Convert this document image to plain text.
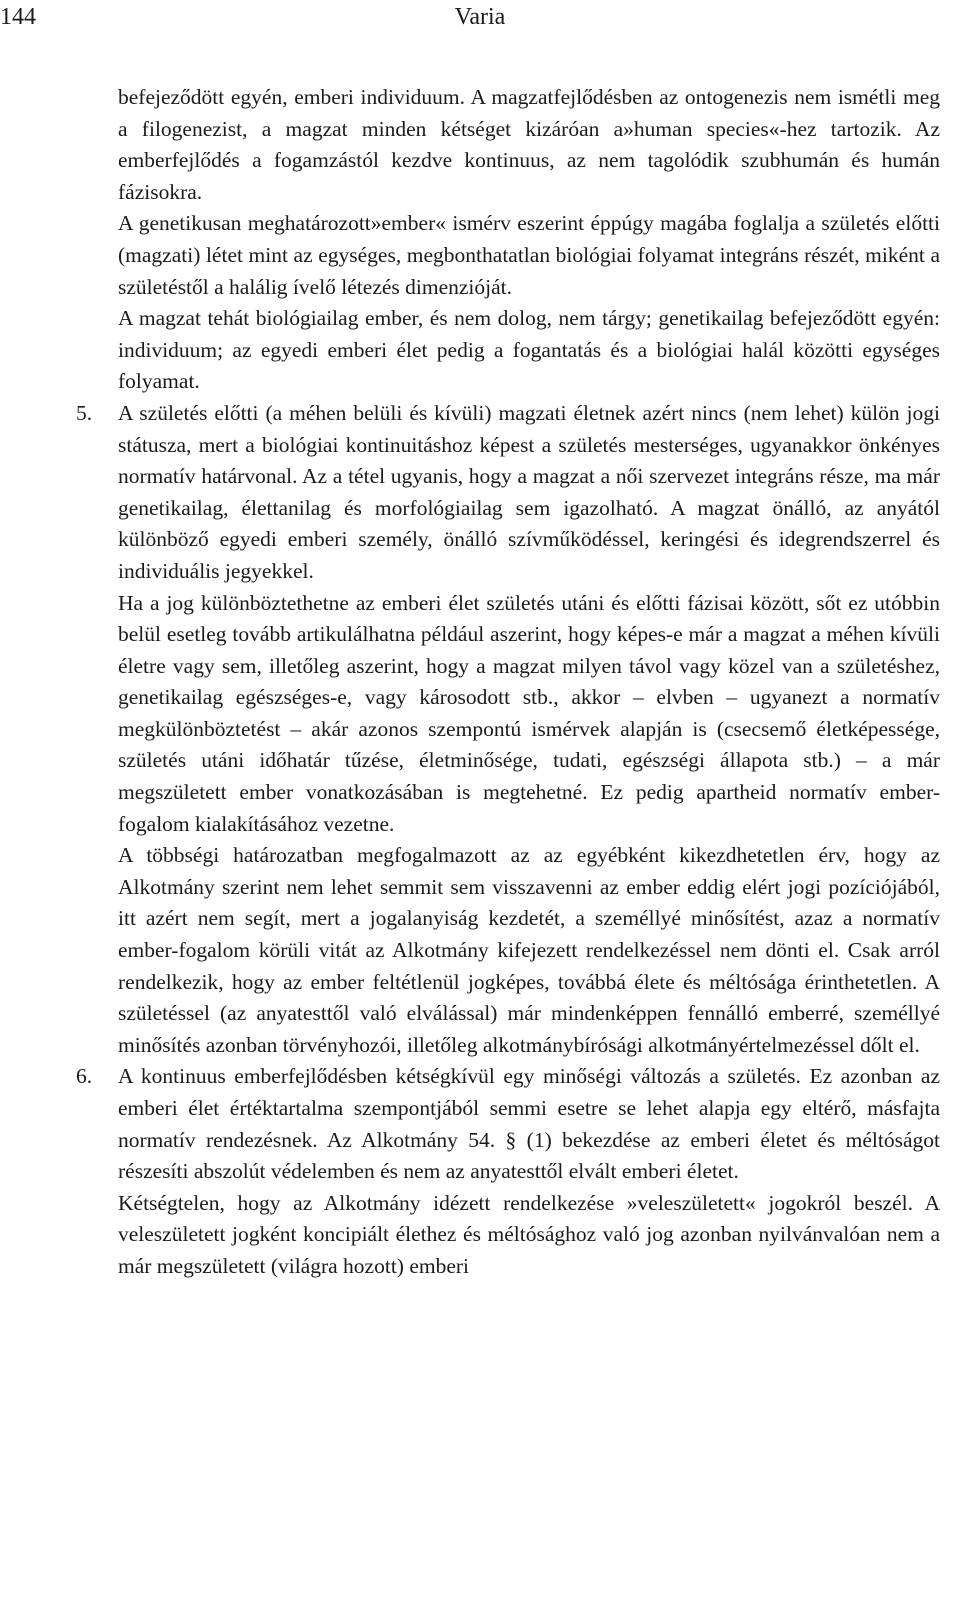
144	Varia

befejeződött egyén, emberi individuum. A magzatfejlődésben az ontogenezis nem ismétli meg a filogenezist, a magzat minden kétséget kizáróan a»human species«-hez tartozik. Az emberfejlődés a fogamzástól kezdve kontinuus, az nem tagolódik szubhumán és humán fázisokra.

A genetikusan meghatározott»ember« ismérv eszerint éppúgy magába foglalja a születés előtti (magzati) létet mint az egységes, megbonthatatlan biológiai folyamat integráns részét, miként a születéstől a halálig ívelő létezés dimenzióját.

A magzat tehát biológiailag ember, és nem dolog, nem tárgy; genetikailag befejeződött egyén: individuum; az egyedi emberi élet pedig a fogantatás és a biológiai halál közötti egységes folyamat.

5. A születés előtti (a méhen belüli és kívüli) magzati életnek azért nincs (nem lehet) külön jogi státusza, mert a biológiai kontinuitáshoz képest a születés mesterséges, ugyanakkor önkényes normatív határvonal. Az a tétel ugyanis, hogy a magzat a női szervezet integráns része, ma már genetikailag, élettanilag és morfológiailag sem igazolható. A magzat önálló, az anyától különböző egyedi emberi személy, önálló szívműködéssel, keringési és idegrendszerrel és individuális jegyekkel.

Ha a jog különböztethetne az emberi élet születés utáni és előtti fázisai között, sőt ez utóbbin belül esetleg tovább artikulálhatna például aszerint, hogy képes-e már a magzat a méhen kívüli életre vagy sem, illetőleg aszerint, hogy a magzat milyen távol vagy közel van a születéshez, genetikailag egészséges-e, vagy károsodott stb., akkor – elvben – ugyanezt a normatív megkülönböztetést – akár azonos szempontú ismérvek alapján is (csecsemő életképessége, születés utáni időhatár tűzése, életminősége, tudati, egészségi állapota stb.) – a már megszületett ember vonatkozásában is megtehetné. Ez pedig apartheid normatív ember-fogalom kialakításához vezetne.

A többségi határozatban megfogalmazott az az egyébként kikezdhetetlen érv, hogy az Alkotmány szerint nem lehet semmit sem visszavenni az ember eddig elért jogi pozíciójából, itt azért nem segít, mert a jogalanyiság kezdetét, a személlyé minősítést, azaz a normatív ember-fogalom körüli vitát az Alkotmány kifejezett rendelkezéssel nem dönti el. Csak arról rendelkezik, hogy az ember feltétlenül jogképes, továbbá élete és méltósága érinthetetlen. A születéssel (az anyatesttől való elválással) már mindenképpen fennálló emberré, személlyé minősítés azonban törvényhozói, illetőleg alkotmánybírósági alkotmányértelmezéssel dőlt el.

6. A kontinuus emberfejlődésben kétségkívül egy minőségi változás a születés. Ez azonban az emberi élet értéktartalma szempontjából semmi esetre se lehet alapja egy eltérő, másfajta normatív rendezésnek. Az Alkotmány 54. § (1) bekezdése az emberi életet és méltóságot részesíti abszolút védelemben és nem az anyatesttől elvált emberi életet.

Kétségtelen, hogy az Alkotmány idézett rendelkezése »veleszületett« jogokról beszél. A veleszületett jogként koncipiált élethez és méltósághoz való jog azonban nyilvánvalóan nem a már megszületett (világra hozott) emberi
